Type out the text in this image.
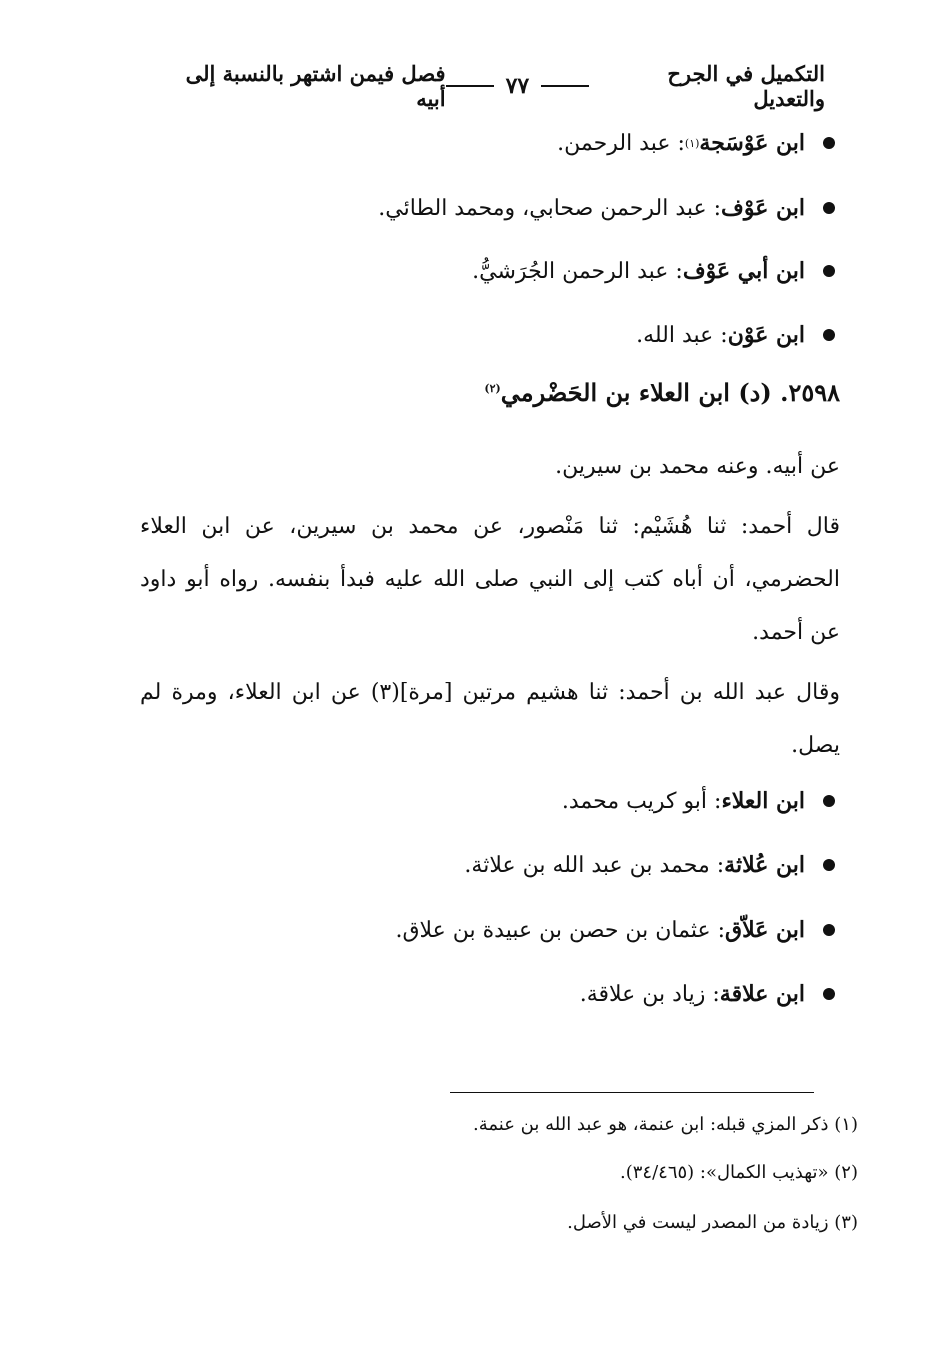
التكميل في الجرح والتعديل
٧٧
فصل فيمن اشتهر بالنسبة إلى أبيه
ابن عَوْسَجة
(١)
: عبد الرحمن.
ابن عَوْف
: عبد الرحمن صحابي، ومحمد الطائي.
ابن أبي عَوْف
: عبد الرحمن الجُرَشيُّ.
ابن عَوْن
: عبد الله.
٢٥٩٨. (د) ابن العلاء بن الحَضْرمي$^{(٢)}$
عن أبيه. وعنه محمد بن سيرين.
قال أحمد: ثنا هُشَيْم: ثنا مَنْصور، عن محمد بن سيرين، عن ابن العلاء الحضرمي، أن أباه كتب إلى النبي صلى الله عليه فبدأ بنفسه. رواه أبو داود عن أحمد.
وقال عبد الله بن أحمد: ثنا هشيم مرتين [مرة](٣) عن ابن العلاء، ومرة لم يصل.
ابن العلاء
: أبو كريب محمد.
ابن عُلاثة
: محمد بن عبد الله بن علاثة.
ابن عَلاّق
: عثمان بن حصن بن عبيدة بن علاق.
ابن علاقة
: زياد بن علاقة.
(١) ذكر المزي قبله: ابن عنمة، هو عبد الله بن عنمة.
(٢) «تهذيب الكمال»: (٣٤/٤٦٥).
(٣) زيادة من المصدر ليست في الأصل.
